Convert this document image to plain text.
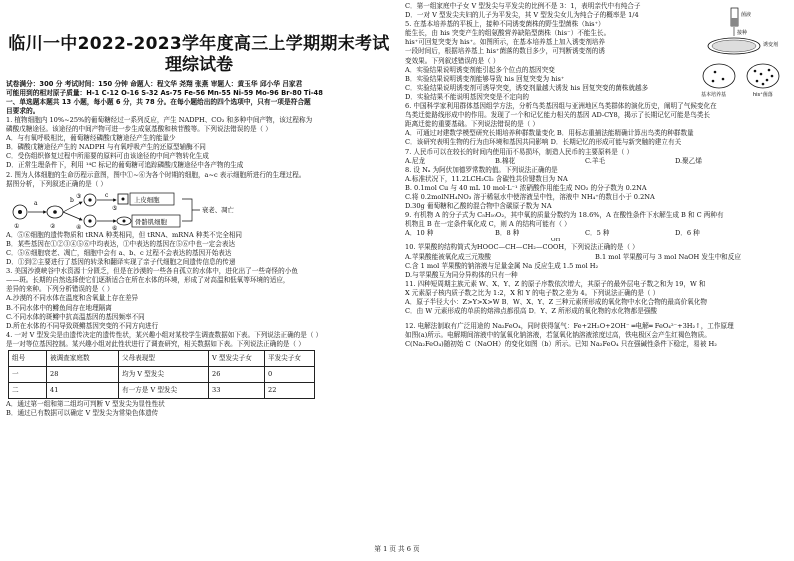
临川一中2022-2023学年度高三上学期期末考试
理综试卷
试卷满分：300 分 考试时间：150 分钟 命题人：程文华 尧翔 张燕 审题人：黄玉华 邱小华 吕家君
可能用到的相对原子质量：H-1 C-12 O-16 S-32 As-75 Fe-56 Mn-55 Ni-59 Mo-96 Br-80 Ti-48
一、单选题本题共 13 小题，每小题 6 分，共 78 分。在每小题给出的四个选项中，只有一项是符合题
目要求的。
1. 植物细胞内 10%~25%的葡萄糖经过一系列反应，产生 NADPH、CO₂ 和多种中间产物，该过程称为
磷酸戊糖途径。该途径的中间产物可进一步生成氨基酸和核苷酸等。下列说法错误的是（ ）
A．与有氧呼吸相比，葡萄糖经磷酸戊糖途径产生的能量少
B．磷酸戊糖途径产生的 NADPH 与有氧呼吸产生的还原型辅酶不同
C．受伤组织修复过程中所需要的原料可由该途径的中间产物转化生成
D．正常生理条件下，利用 ¹⁴C 标记的葡萄糖可追踪磷酸戊糖途径中各产物的生成
2. 图为人体细胞的生命历程示意图，图中①~⑥为各个时期的细胞，a~c 表示细胞所进行的生理过程。
据图分析，下列叙述正确的是（ ）
a	b
c
上皮细胞
骨骼肌细胞
衰老、凋亡
①	②
③
④
⑤
⑥
A．⑤⑥细胞的遗传物质和 tRNA 种类相同，但 tRNA、mRNA 种类不完全相同
B．某些基因在①②③④⑤⑥中均表达，①中表达的基因在⑤⑥中也一定会表达
C．⑤⑥细胞衰老、凋亡，细胞中会有 a、b、c 过程不会表达的基因开始表达
D．①到②主要进行了基因的转录和翻译实现了亲子代细胞之间遗传信息的传递
3. 美国沙漠峡谷中水资源十分匮乏，但是在沙漠的一些各自孤立的水体中，进化出了一些奇怪的小鱼
——斑。长期的自然选择使它们逐渐适合在所在水体的环境，形成了对高温和低氧等环境的适应，
差异的来种。下列分析错误的是（ ）
A.沙漠的不同水体在温度和含氧量上存在差异
B.不同水体中的鳉鱼间存在地理隔离
C.不同水体的斑鳉中抗高温基因的基因频率不同
D.所在水体的不同导致斑鳉基因突变的不同方向进行
4. 一对 V 型发尖是由遗传决定的遗传性状，某兴趣小组对某校学生调查数据如下表。下列说法正确的是（ ）
是一对等位基因控制。某兴趣小组对此性状进行了调查研究，相关数据如下表。下列说法正确的是（ ）
组号	被调查家庭数	父母表现型	V 型发尖子女	平发尖子女
一	28	均为 V 型发尖	26	0
二	41	有一方是 V 型发尖	33	22
A．通过第一组和第二组均可判断 V 型发尖为显性性状
B．通过已有数据可以确定 V 型发尖为常染色体遗传
C．第一组家庭中子女 V 型发尖与平发尖的比例不是 3：1，表明亲代中有纯合子
D．一对 V 型发尖夫妇的儿子为平发尖，其 V 型发尖女儿为纯合子的概率是 1/4
5. 在基本培养基的平板上，接种不同诱变菌株的野生型菌株（his⁺）
能生长，由 his 突变产生的组氨酸营养缺陷型菌株（his⁻）不能生长。
his⁺可回复突变为 his⁺。如图所示，在基本培养基上加入诱变剂培养
一段时间后，根据培养基上 his⁺菌落的数目多少，可判断诱变剂的诱
变效果。下列叙述错误的是（ ）
A．实验结果说明诱变剂能引起多个位点的基因突变
B．实验结果说明诱变剂能够导致 his 回复突变为 his⁺
C．实验结果说明诱变剂可诱导突变，诱变剂量越大诱发 his 回复突变的菌株就越多
D．实验结果不能说明基因突变是不定向的
菌液
接种
诱变剂
基本培养基	his⁺菌落
6. 中国科学家利用群体基因组学方法，分析鸟类基因组与亚洲地区鸟类群体的演化历史，阐明了气候变化在
鸟类迁徙路线形成中的作用。发现了一个和记忆能力相关的基因 AD-CY8，揭示了长期记忆可能是鸟类长
距离迁徙的重要基础。下列说法错误的是（ ）
A．可通过对建数学模型研究长期培养种群数量变化 B．用标志重捕法能精确计算出鸟类的种群数量
C．该研究表明生物的行为由环境和基因共同影响 D．长期记忆的形成可能与新突触的建立有关
7. 人民币可以在较长的时间内使用而不易损坏，制造人民币的主要原料是（ ）
A.尼龙	B.棉花	C.羊毛	D.聚乙烯
8. 设 Nₐ 为阿伏加德罗常数的值。下列说法正确的是
A.标准状况下，11.2LCH₂Cl₂ 含碳性共价键数目为 NA
B. 0.1mol Cu 与 40 mL 10 mol·L⁻¹ 浓硝酸作用能生成 NO₂ 的分子数为 0.2NA
C.将 0.2molNH₄NO₃ 溶于稀氨水中使溶液呈中性，溶液中 NH₄⁺的数目小于 0.2NA
D.30g 葡萄糖和乙酸的混合物中含碳原子数为 NA
9. 有机物 A 的分子式为 C₅H₁₀O₂，其中氧的质量分数约为 18.6%，A 在酸性条件下水解生成 B 和 C 两种有
机物且 B 在一定条件氧化成 C，则 A 的结构可能有（ ）
A．10 种	B．8 种	C．5 种	D．6 种
OH
10. 苹果酸的结构简式为HOOC—CH—CH₂—COOH，下列说法正确的是（ ）
A.苹果酸能被氧化成三元羧酸	B.1 mol 苹果酸可与 3 mol NaOH 发生中和反应
C.含 1 mol 苹果酸的钠溶液与足量金属 Na 反应生成 1.5 mol H₂
D.与苹果酸互为同分异构体的只有一种
11. 四种短周期主族元素 W、X、Y、Z 的原子序数依次增大，其原子的最外层电子数之和为 19，W 和
X 元素原子核内质子数之比为 1:2，X 和 Y 的电子数之差为 4。下列说法正确的是（ ）
A．原子半径大小：Z>Y>X>W B．W、X、Y、Z 三种元素所形成的氧化物中水化合物的最高价氧化物
C．由 W 元素形成的单质的熔沸点都很高 D．Y、Z 所形成的氧化物的水化物都是强酸
12. 电解法制取有广泛用途的 Na₂FeO₄，同时获得氢气：Fe+2H₂O+2OH⁻ ═电解═ FeO₄²⁻+3H₂↑，工作原理
如图(a)所示。电解期间溶液中的氢氧化钠溶液，若氢氧化钠溶液浓度过高，铁电极区会产生红褐色物质。
C(Na₂FeO₄)随初始 C（NaOH）的变化如图（b）所示。已知 Na₂FeO₄ 只在强碱性条件下稳定，易被 H₂
第 1 页 共 6 页
